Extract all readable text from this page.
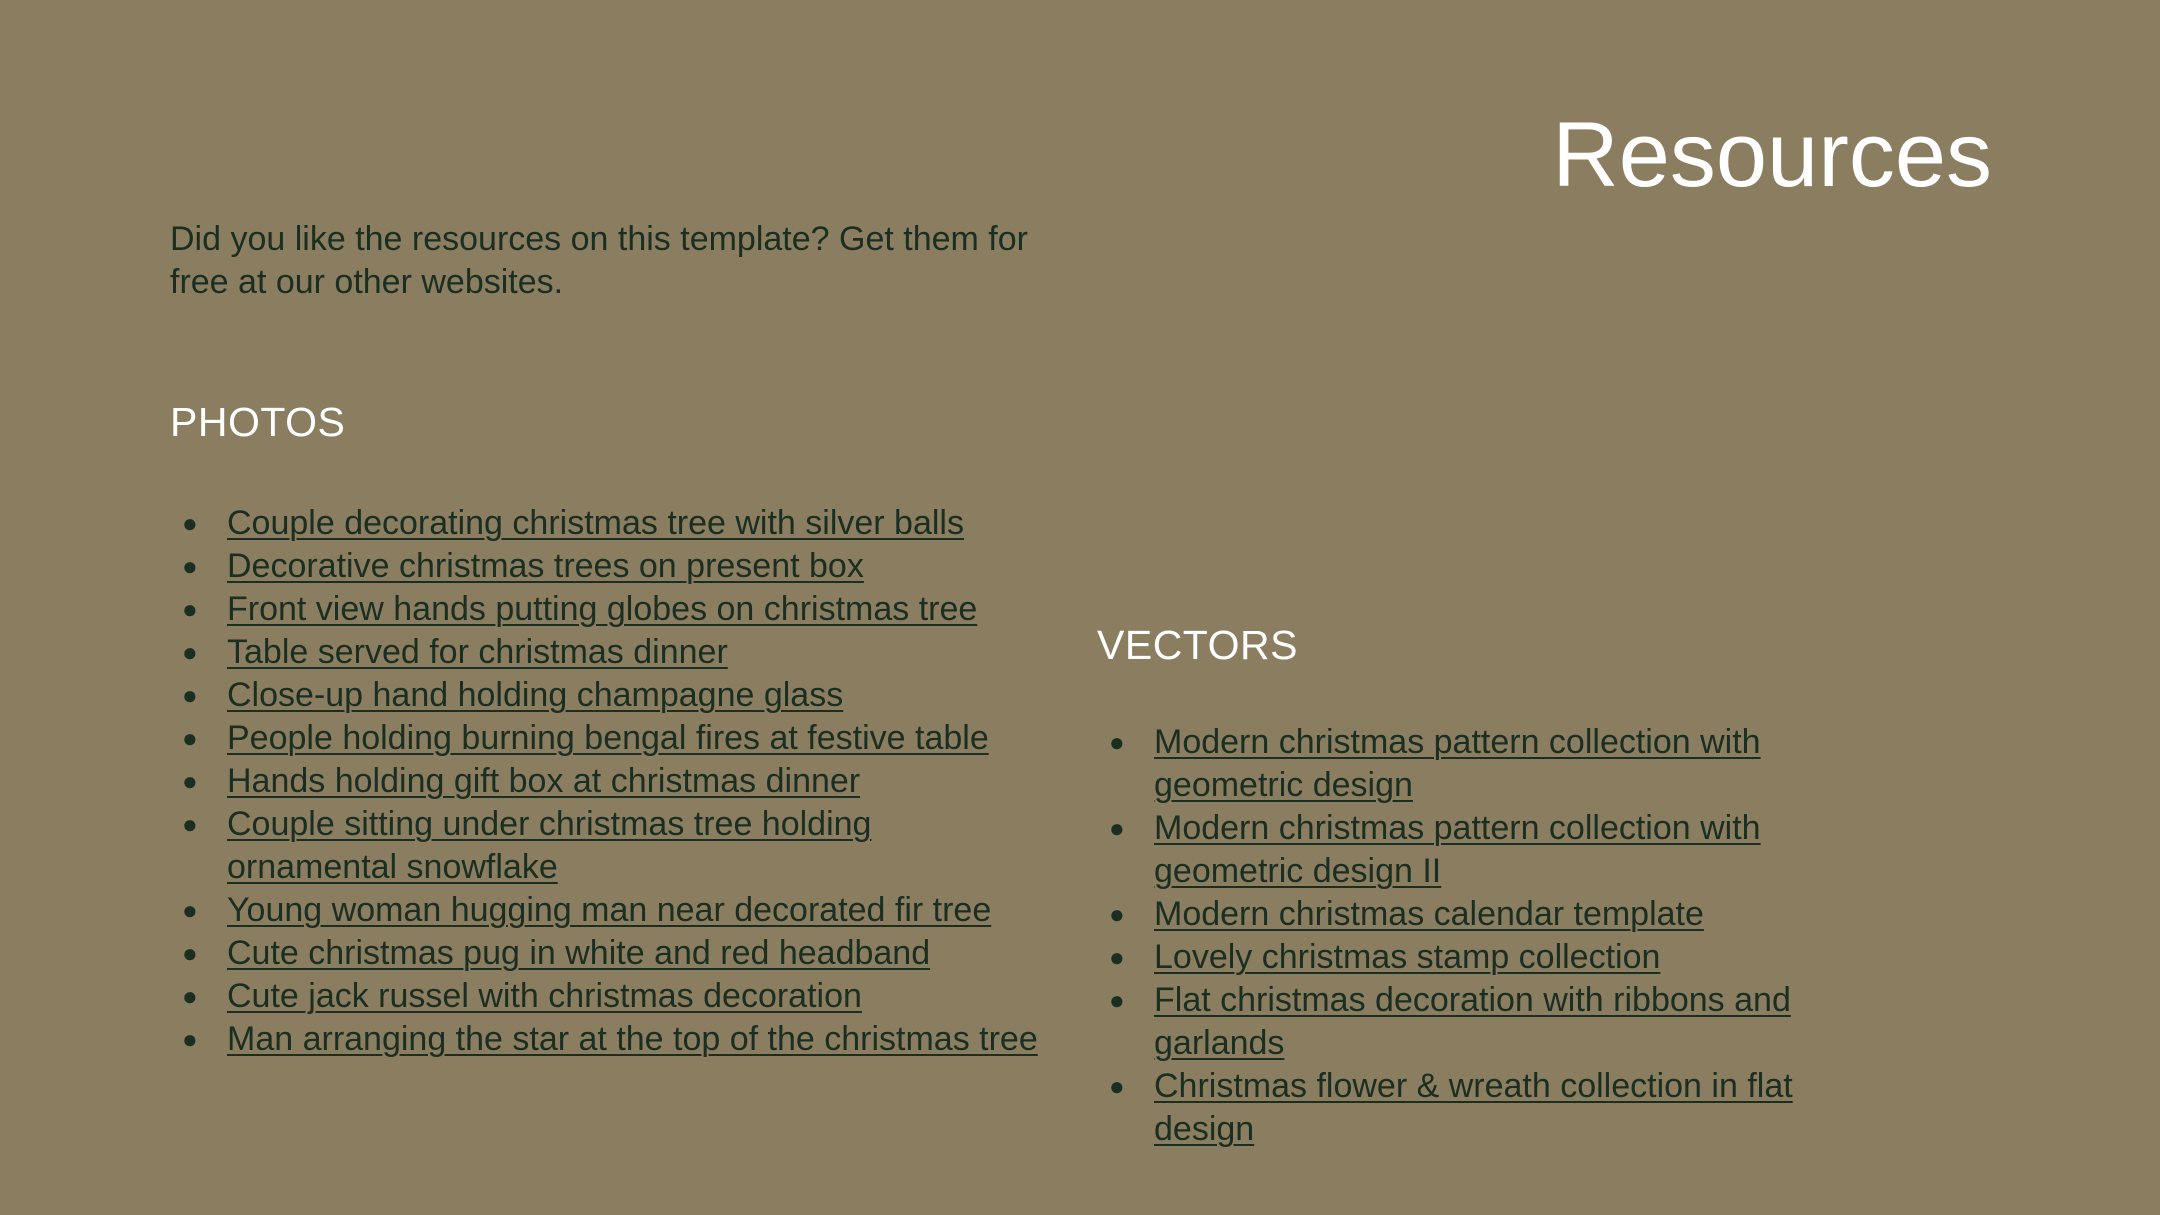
Resources

Did you like the resources on this template? Get them for free at our other websites.

PHOTOS
● Couple decorating christmas tree with silver balls
● Decorative christmas trees on present box
● Front view hands putting globes on christmas tree
● Table served for christmas dinner
● Close-up hand holding champagne glass
● People holding burning bengal fires at festive table
● Hands holding gift box at christmas dinner
● Couple sitting under christmas tree holding ornamental snowflake
● Young woman hugging man near decorated fir tree
● Cute christmas pug in white and red headband
● Cute jack russel with christmas decoration
● Man arranging the star at the top of the christmas tree
VECTORS
● Modern christmas pattern collection with geometric design
● Modern christmas pattern collection with geometric design II
● Modern christmas calendar template
● Lovely christmas stamp collection
● Flat christmas decoration with ribbons and garlands
● Christmas flower & wreath collection in flat design
